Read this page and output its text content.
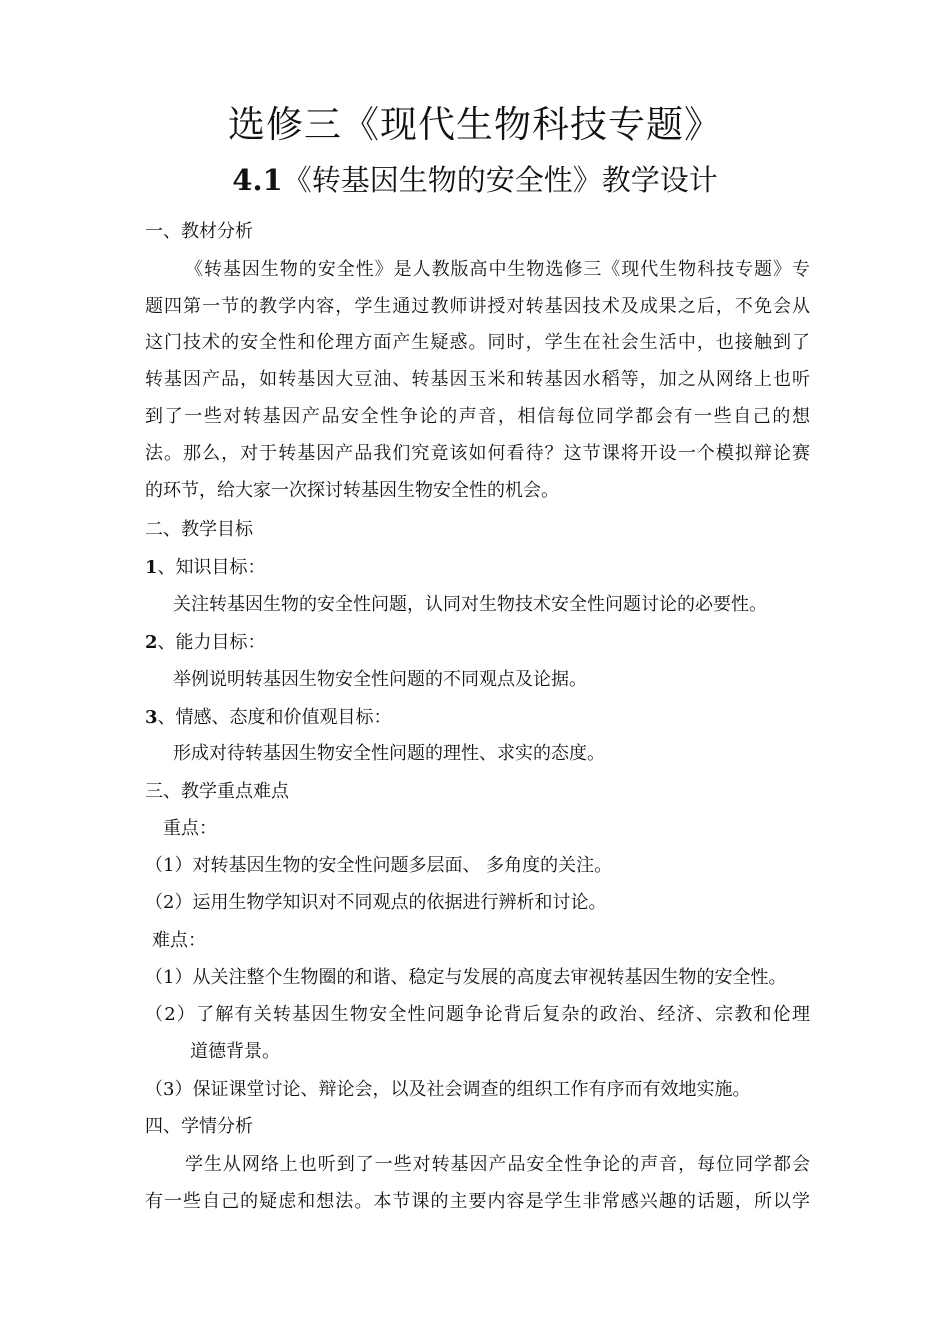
选修三《现代生物科技专题》
4.1《转基因生物的安全性》教学设计
一、教材分析
《转基因生物的安全性》是人教版高中生物选修三《现代生物科技专题》专
题四第一节的教学内容，学生通过教师讲授对转基因技术及成果之后，不免会从
这门技术的安全性和伦理方面产生疑惑。同时，学生在社会生活中，也接触到了
转基因产品，如转基因大豆油、转基因玉米和转基因水稻等，加之从网络上也听
到了一些对转基因产品安全性争论的声音，相信每位同学都会有一些自己的想
法。那么，对于转基因产品我们究竟该如何看待？这节课将开设一个模拟辩论赛
的环节，给大家一次探讨转基因生物安全性的机会。
二、教学目标
1、知识目标：
关注转基因生物的安全性问题，认同对生物技术安全性问题讨论的必要性。
2、能力目标：
举例说明转基因生物安全性问题的不同观点及论据。
3、情感、态度和价值观目标：
形成对待转基因生物安全性问题的理性、求实的态度。
三、教学重点难点
重点：
（1）对转基因生物的安全性问题多层面、 多角度的关注。
（2）运用生物学知识对不同观点的依据进行辨析和讨论。
难点：
（1）从关注整个生物圈的和谐、稳定与发展的高度去审视转基因生物的安全性。
（2）了解有关转基因生物安全性问题争论背后复杂的政治、经济、宗教和伦理
道德背景。
（3）保证课堂讨论、辩论会，以及社会调查的组织工作有序而有效地实施。
四、学情分析
学生从网络上也听到了一些对转基因产品安全性争论的声音，每位同学都会
有一些自己的疑虑和想法。本节课的主要内容是学生非常感兴趣的话题，所以学
